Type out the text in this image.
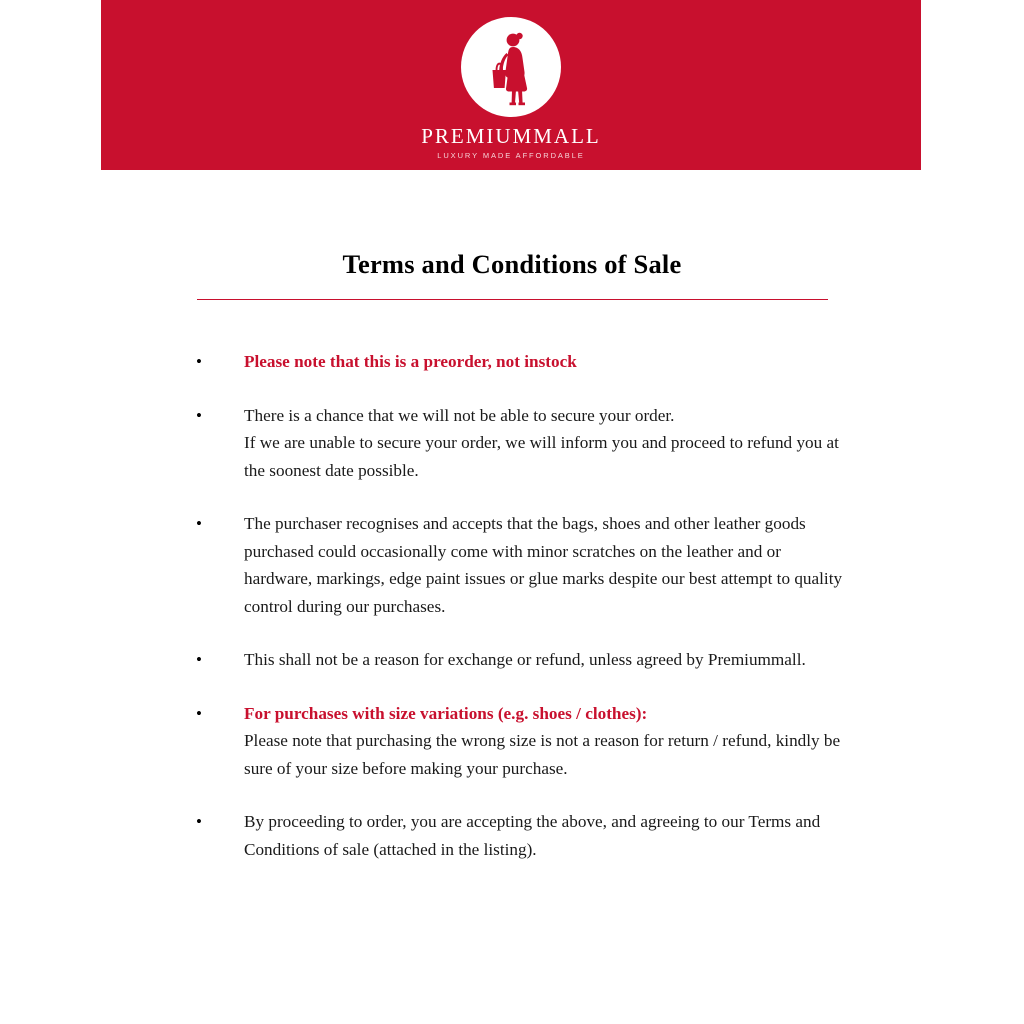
PREMIUMMALL
LUXURY MADE AFFORDABLE
Terms and Conditions of Sale
•	Please note that this is a preorder, not instock

•	There is a chance that we will not be able to secure your order.

If we are unable to secure your order, we will inform you and proceed to refund you at the soonest date possible.

•	The purchaser recognises and accepts that the bags, shoes and other leather goods purchased could occasionally come with minor scratches on the leather and or hardware, markings, edge paint issues or glue marks despite our best attempt to quality control during our purchases.

•	This shall not be a reason for exchange or refund, unless agreed by Premiummall.

•	For purchases with size variations (e.g. shoes / clothes):

Please note that purchasing the wrong size is not a reason for return / refund, kindly be sure of your size before making your purchase.

•	By proceeding to order, you are accepting the above, and agreeing to our Terms and Conditions of sale (attached in the listing).
